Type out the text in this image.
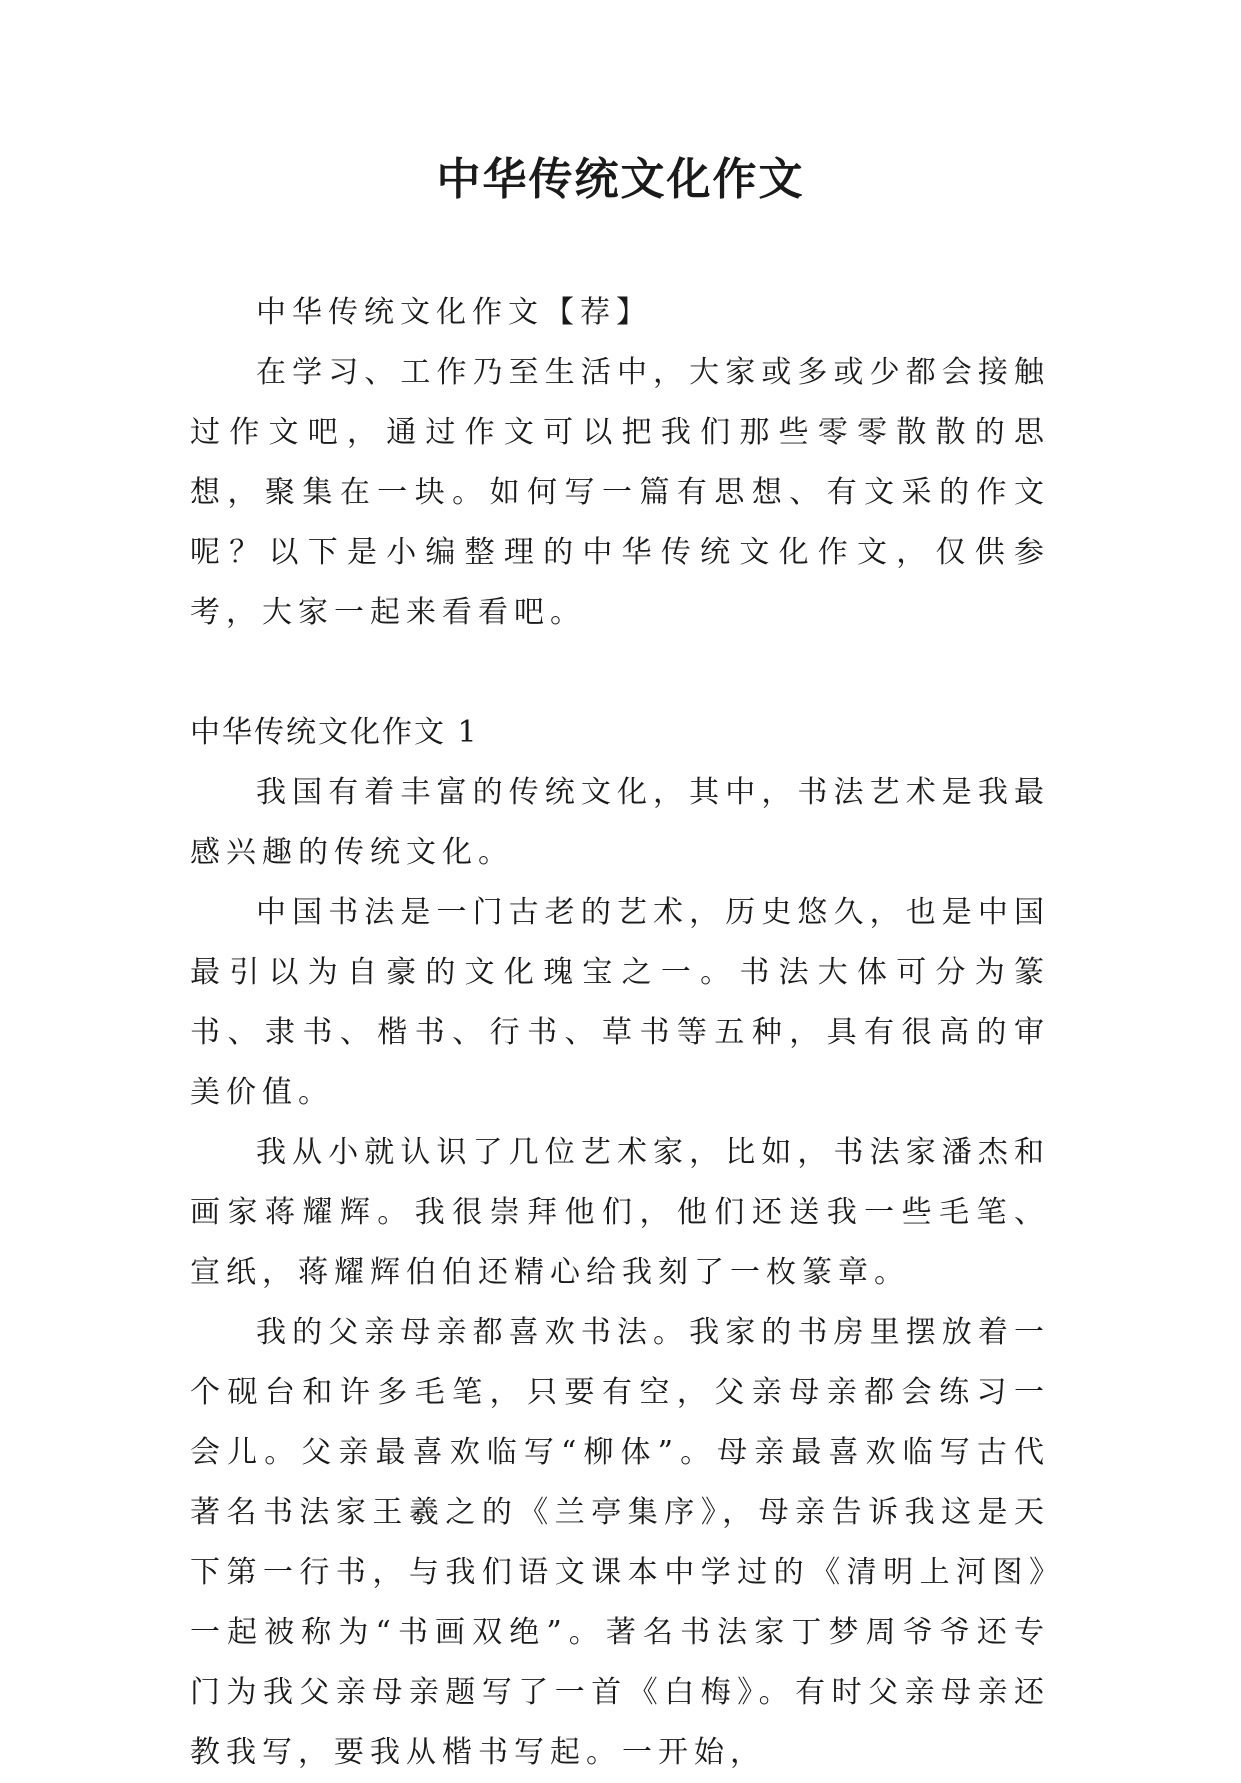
中华传统文化作文

中华传统文化作文【荐】

在学习、工作乃至生活中，大家或多或少都会接触过作文吧，通过作文可以把我们那些零零散散的思想，聚集在一块。如何写一篇有思想、有文采的作文呢？以下是小编整理的中华传统文化作文，仅供参考，大家一起来看看吧。

中华传统文化作文 1

我国有着丰富的传统文化，其中，书法艺术是我最感兴趣的传统文化。

中国书法是一门古老的艺术，历史悠久，也是中国最引以为自豪的文化瑰宝之一。书法大体可分为篆书、隶书、楷书、行书、草书等五种，具有很高的审美价值。

我从小就认识了几位艺术家，比如，书法家潘杰和画家蒋耀辉。我很崇拜他们，他们还送我一些毛笔、宣纸，蒋耀辉伯伯还精心给我刻了一枚篆章。

我的父亲母亲都喜欢书法。我家的书房里摆放着一个砚台和许多毛笔，只要有空，父亲母亲都会练习一会儿。父亲最喜欢临写“柳体”。母亲最喜欢临写古代著名书法家王羲之的《兰亭集序》，母亲告诉我这是天下第一行书，与我们语文课本中学过的《清明上河图》一起被称为“书画双绝”。著名书法家丁梦周爷爷还专门为我父亲母亲题写了一首《白梅》。有时父亲母亲还教我写，要我从楷书写起。一开始，
